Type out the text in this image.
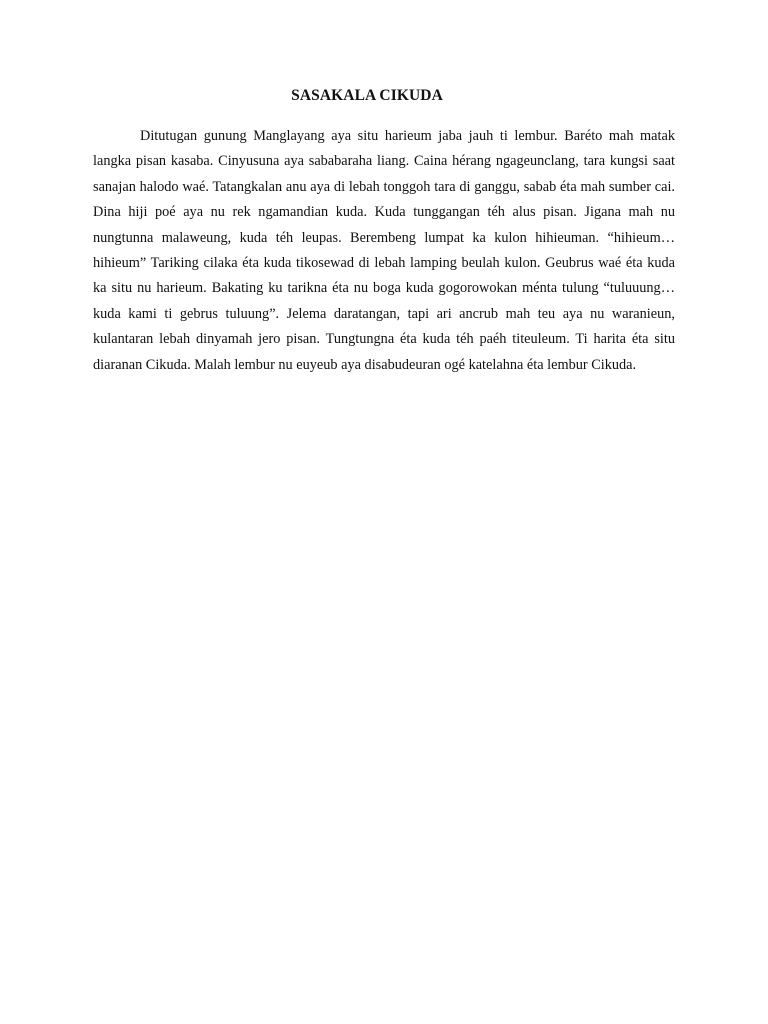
SASAKALA CIKUDA

Ditutugan gunung Manglayang aya situ harieum jaba jauh ti lembur. Baréto mah matak langka pisan kasaba. Cinyusuna aya sababaraha liang. Caina hérang ngageunclang, tara kungsi saat sanajan halodo waé. Tatangkalan anu aya di lebah tonggoh tara di ganggu, sabab éta mah sumber cai. Dina hiji poé aya nu rek ngamandian kuda. Kuda tunggangan téh alus pisan. Jigana mah nu nungtunna malaweung, kuda téh leupas. Berembeng lumpat ka kulon hihieuman. “hihieum… hihieum” Tariking cilaka éta kuda tikosewad di lebah lamping beulah kulon. Geubrus waé éta kuda ka situ nu harieum. Bakating ku tarikna éta nu boga kuda gogorowokan ménta tulung “tuluuung… kuda kami ti gebrus tuluung”. Jelema daratangan, tapi ari ancrub mah teu aya nu waranieun, kulantaran lebah dinyamah jero pisan. Tungtungna éta kuda téh paéh titeuleum. Ti harita éta situ diaranan Cikuda. Malah lembur nu euyeub aya disabudeuran ogé katelahna éta lembur Cikuda.
